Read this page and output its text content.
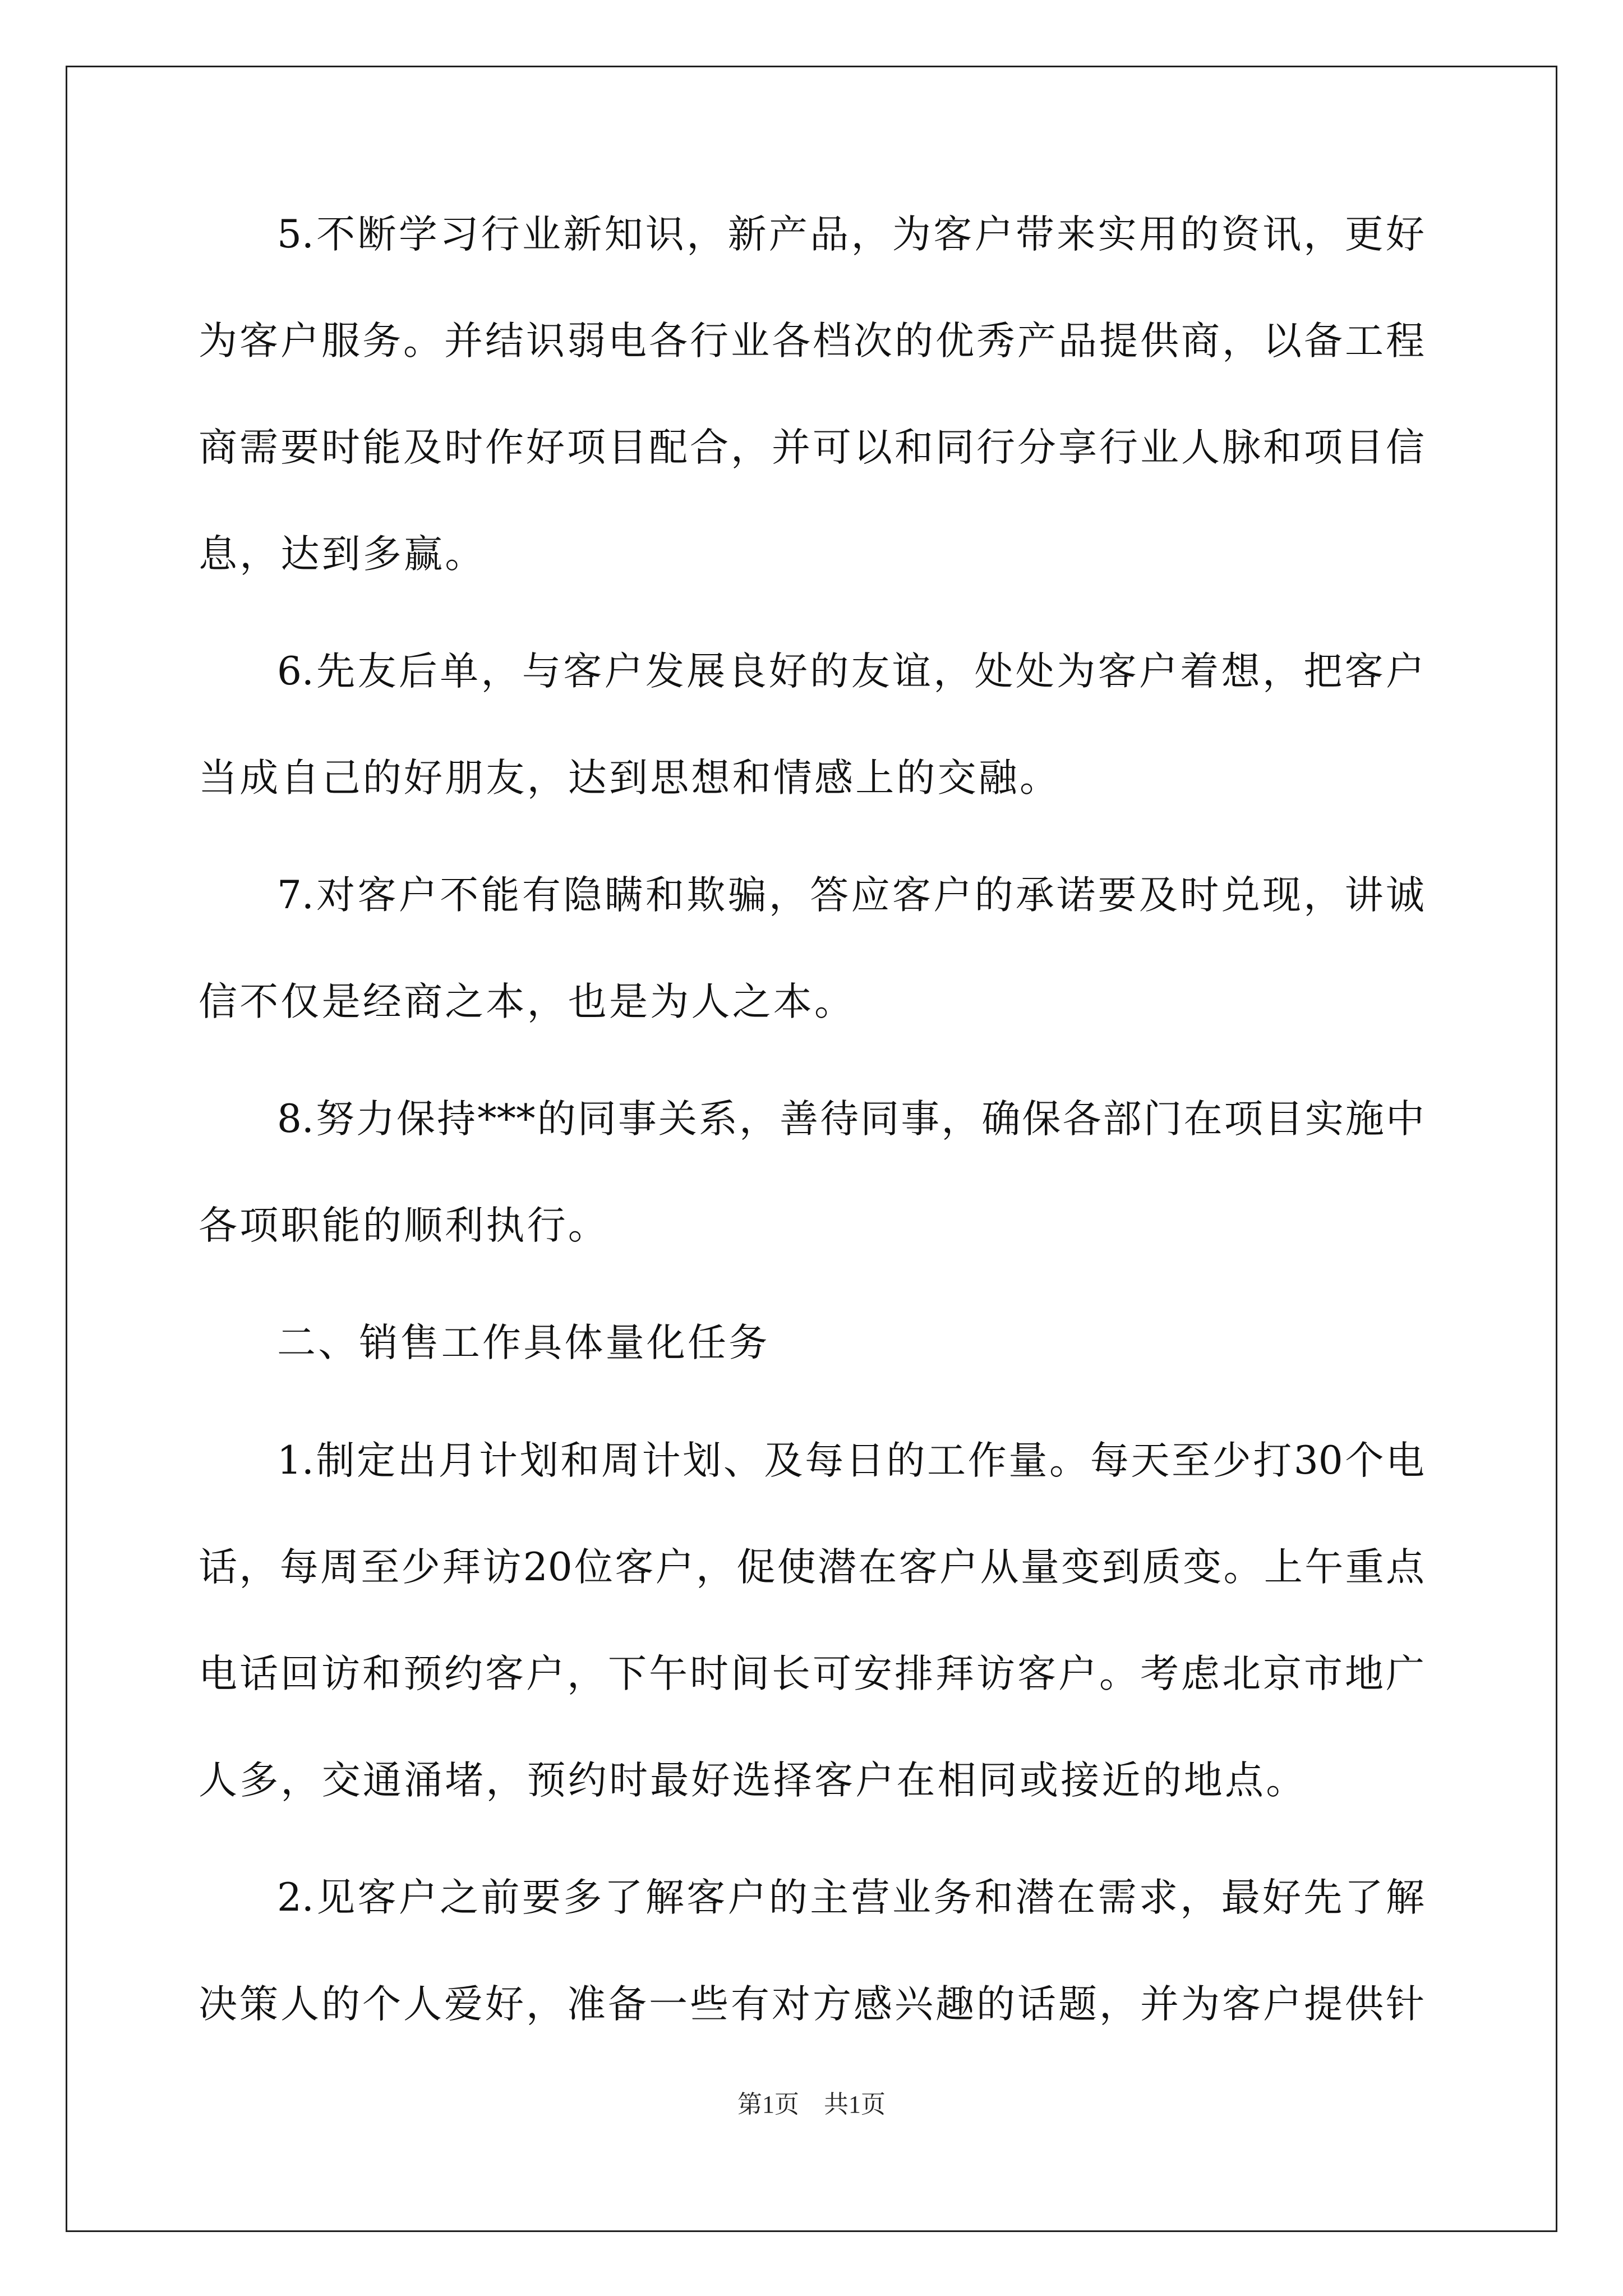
5.不断学习行业新知识，新产品，为客户带来实用的资讯，更好
为客户服务。并结识弱电各行业各档次的优秀产品提供商，以备工程
商需要时能及时作好项目配合，并可以和同行分享行业人脉和项目信
息，达到多赢。
6.先友后单，与客户发展良好的友谊，处处为客户着想，把客户
当成自己的好朋友，达到思想和情感上的交融。
7.对客户不能有隐瞒和欺骗，答应客户的承诺要及时兑现，讲诚
信不仅是经商之本，也是为人之本。
8.努力保持***的同事关系，善待同事，确保各部门在项目实施中
各项职能的顺利执行。
二、销售工作具体量化任务
1.制定出月计划和周计划、及每日的工作量。每天至少打30个电
话，每周至少拜访20位客户，促使潜在客户从量变到质变。上午重点
电话回访和预约客户，下午时间长可安排拜访客户。考虑北京市地广
人多，交通涌堵，预约时最好选择客户在相同或接近的地点。
2.见客户之前要多了解客户的主营业务和潜在需求，最好先了解
决策人的个人爱好，准备一些有对方感兴趣的话题，并为客户提供针
第1页　共1页
